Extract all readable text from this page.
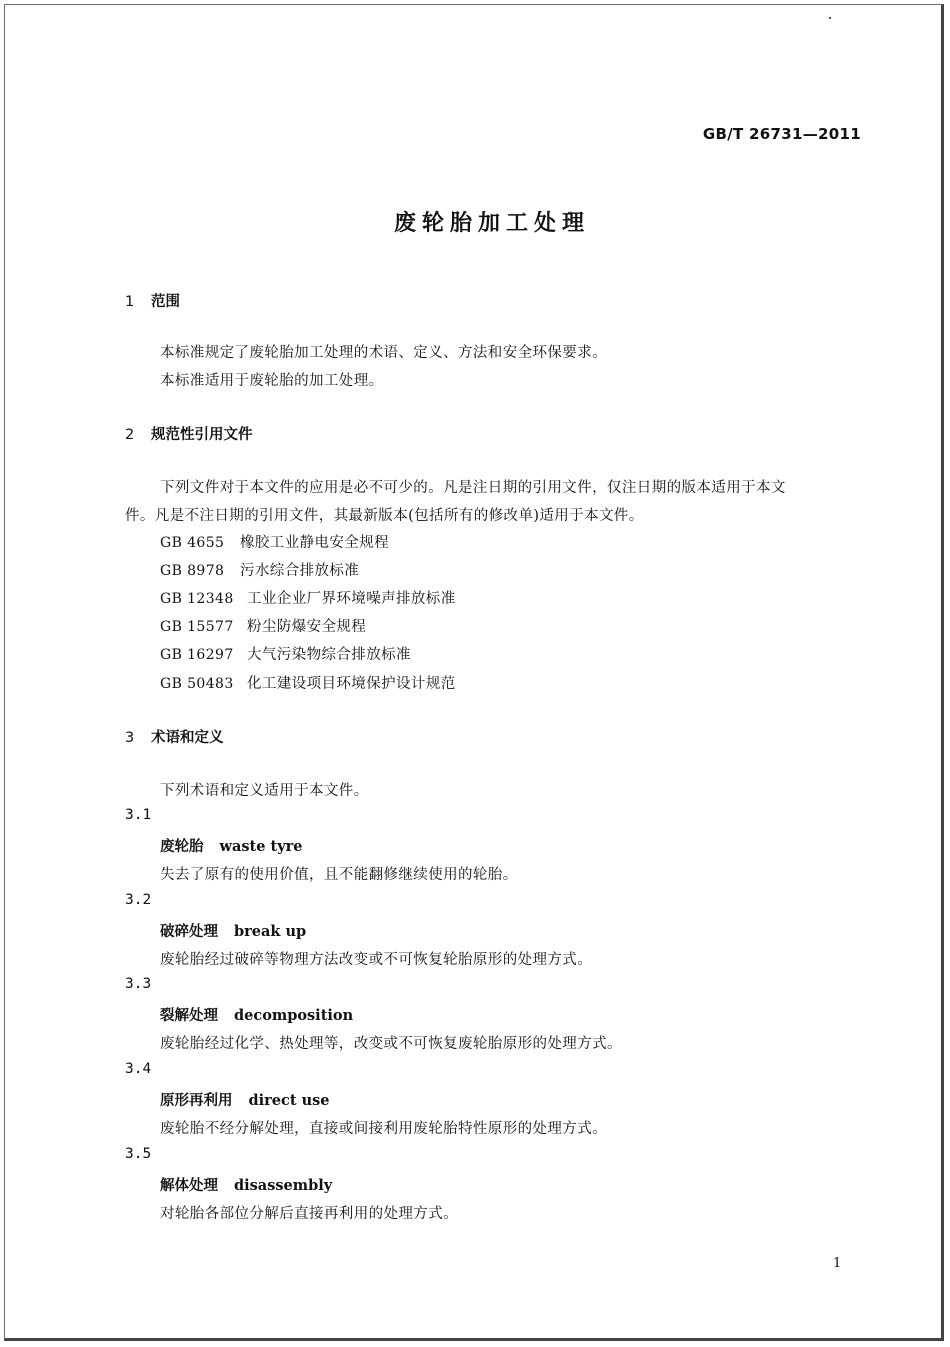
GB/T 26731—2011
废轮胎加工处理
1 范围
本标准规定了废轮胎加工处理的术语、定义、方法和安全环保要求。
本标准适用于废轮胎的加工处理。
2 规范性引用文件
下列文件对于本文件的应用是必不可少的。凡是注日期的引用文件，仅注日期的版本适用于本文
件。凡是不注日期的引用文件，其最新版本(包括所有的修改单)适用于本文件。
GB 4655 橡胶工业静电安全规程
GB 8978 污水综合排放标准
GB 12348 工业企业厂界环境噪声排放标准
GB 15577 粉尘防爆安全规程
GB 16297 大气污染物综合排放标准
GB 50483 化工建设项目环境保护设计规范
3 术语和定义
下列术语和定义适用于本文件。
3.1
废轮胎 waste tyre
失去了原有的使用价值，且不能翻修继续使用的轮胎。
3.2
破碎处理 break up
废轮胎经过破碎等物理方法改变或不可恢复轮胎原形的处理方式。
3.3
裂解处理 decomposition
废轮胎经过化学、热处理等，改变或不可恢复废轮胎原形的处理方式。
3.4
原形再利用 direct use
废轮胎不经分解处理，直接或间接利用废轮胎特性原形的处理方式。
3.5
解体处理 disassembly
对轮胎各部位分解后直接再利用的处理方式。
1
